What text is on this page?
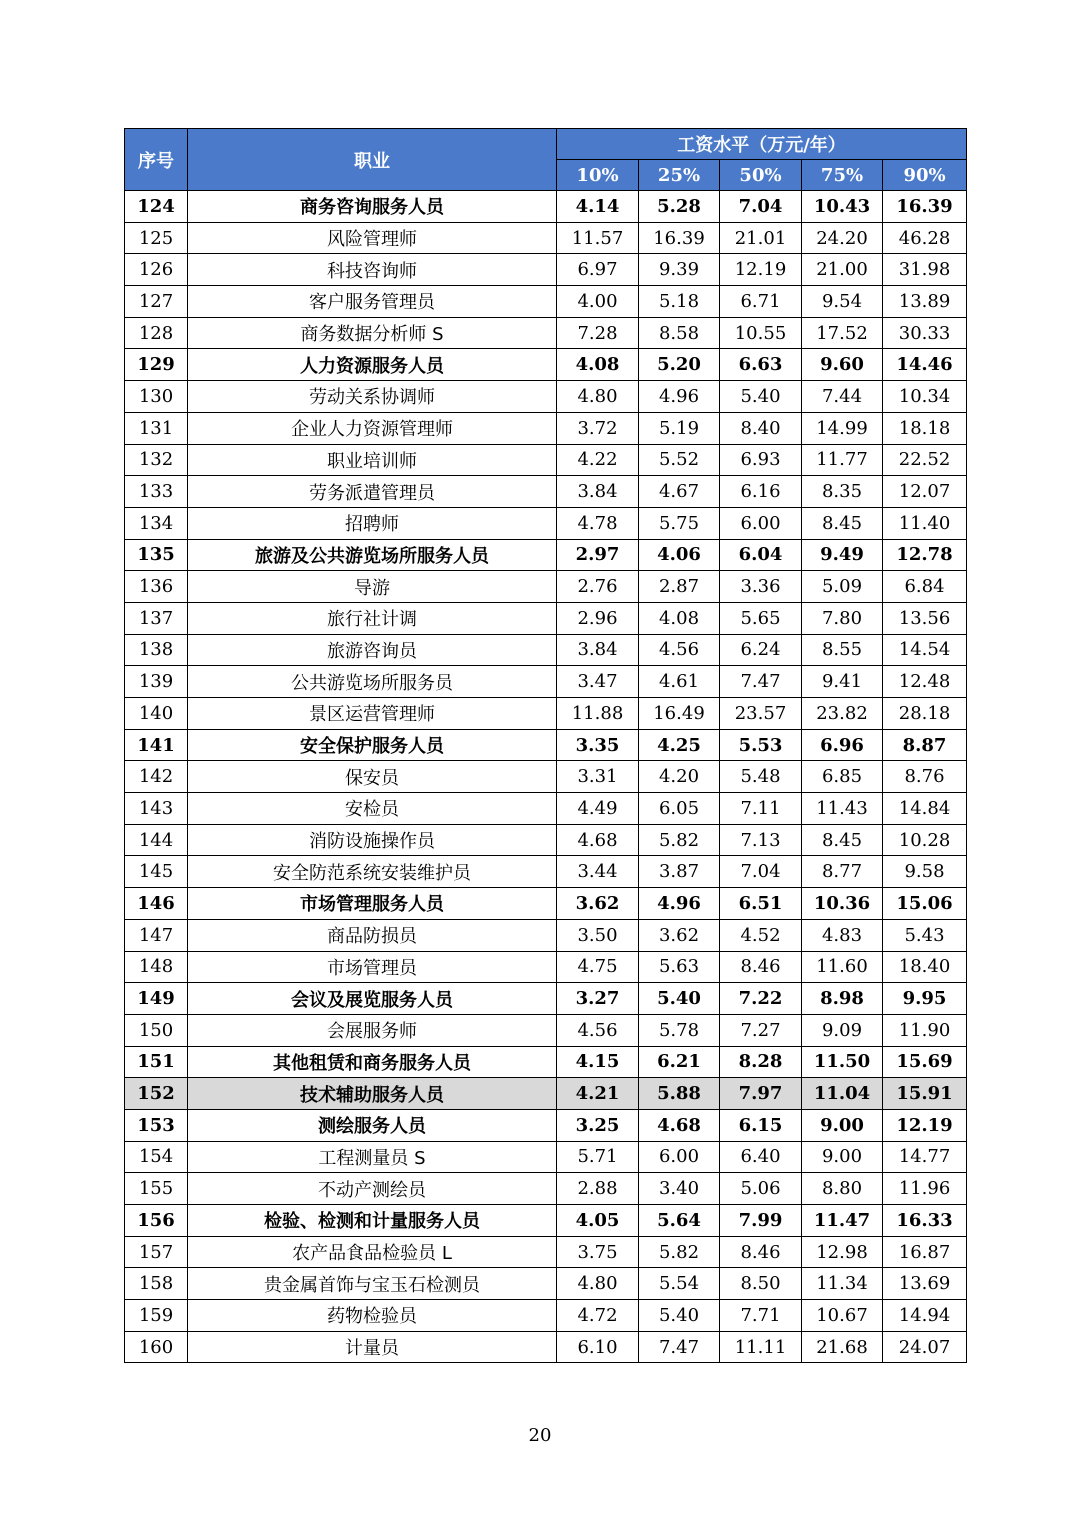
序号	职业	工资水平（万元/年）				
		10%	25%	50%	75%	90%
124	商务咨询服务人员	4.14	5.28	7.04	10.43	16.39
125	风险管理师	11.57	16.39	21.01	24.20	46.28
126	科技咨询师	6.97	9.39	12.19	21.00	31.98
127	客户服务管理员	4.00	5.18	6.71	9.54	13.89
128	商务数据分析师 S	7.28	8.58	10.55	17.52	30.33
129	人力资源服务人员	4.08	5.20	6.63	9.60	14.46
130	劳动关系协调师	4.80	4.96	5.40	7.44	10.34
131	企业人力资源管理师	3.72	5.19	8.40	14.99	18.18
132	职业培训师	4.22	5.52	6.93	11.77	22.52
133	劳务派遣管理员	3.84	4.67	6.16	8.35	12.07
134	招聘师	4.78	5.75	6.00	8.45	11.40
135	旅游及公共游览场所服务人员	2.97	4.06	6.04	9.49	12.78
136	导游	2.76	2.87	3.36	5.09	6.84
137	旅行社计调	2.96	4.08	5.65	7.80	13.56
138	旅游咨询员	3.84	4.56	6.24	8.55	14.54
139	公共游览场所服务员	3.47	4.61	7.47	9.41	12.48
140	景区运营管理师	11.88	16.49	23.57	23.82	28.18
141	安全保护服务人员	3.35	4.25	5.53	6.96	8.87
142	保安员	3.31	4.20	5.48	6.85	8.76
143	安检员	4.49	6.05	7.11	11.43	14.84
144	消防设施操作员	4.68	5.82	7.13	8.45	10.28
145	安全防范系统安装维护员	3.44	3.87	7.04	8.77	9.58
146	市场管理服务人员	3.62	4.96	6.51	10.36	15.06
147	商品防损员	3.50	3.62	4.52	4.83	5.43
148	市场管理员	4.75	5.63	8.46	11.60	18.40
149	会议及展览服务人员	3.27	5.40	7.22	8.98	9.95
150	会展服务师	4.56	5.78	7.27	9.09	11.90
151	其他租赁和商务服务人员	4.15	6.21	8.28	11.50	15.69
152	技术辅助服务人员	4.21	5.88	7.97	11.04	15.91
153	测绘服务人员	3.25	4.68	6.15	9.00	12.19
154	工程测量员 S	5.71	6.00	6.40	9.00	14.77
155	不动产测绘员	2.88	3.40	5.06	8.80	11.96
156	检验、检测和计量服务人员	4.05	5.64	7.99	11.47	16.33
157	农产品食品检验员 L	3.75	5.82	8.46	12.98	16.87
158	贵金属首饰与宝玉石检测员	4.80	5.54	8.50	11.34	13.69
159	药物检验员	4.72	5.40	7.71	10.67	14.94
160	计量员	6.10	7.47	11.11	21.68	24.07
20
